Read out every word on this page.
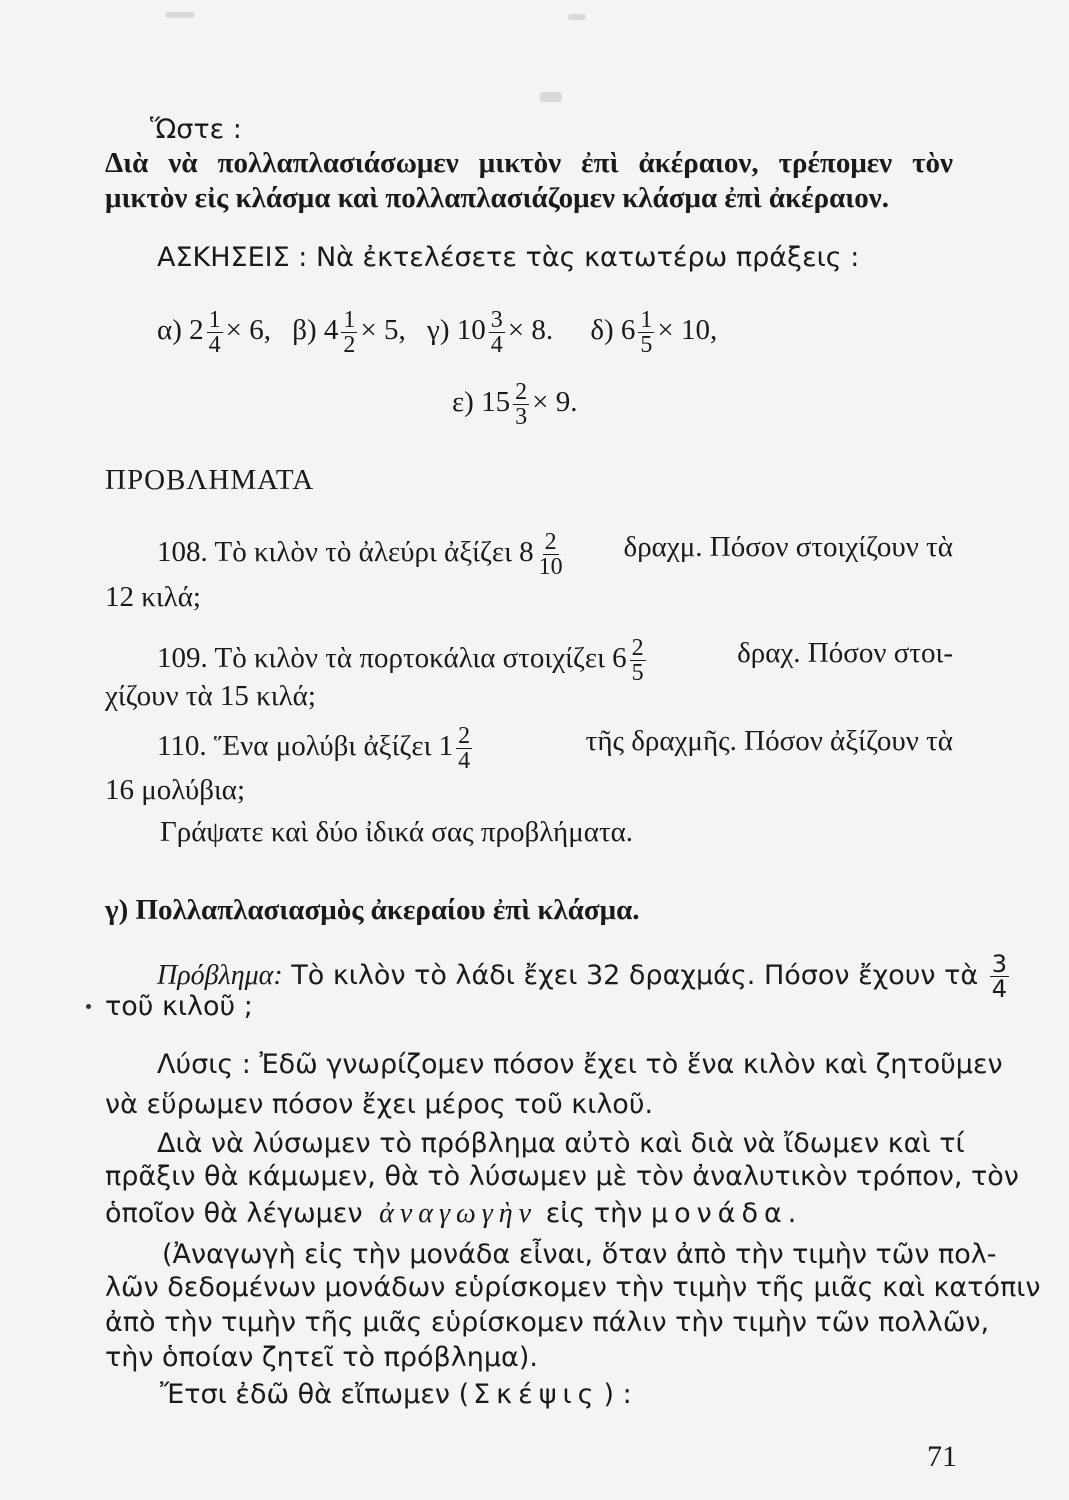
Ὥστε :
Διὰ νὰ πολλαπλασιάσωμεν μικτὸν ἐπὶ ἀκέραιον, τρέπομεν τὸν
μικτὸν εἰς κλάσμα καὶ πολλαπλασιάζομεν κλάσμα ἐπὶ ἀκέραιον.
ΑΣΚΗΣΕΙΣ : Νὰ ἐκτελέσετε τὰς κατωτέρω πράξεις :
α) $2 \frac{1}{4} \times 6$, β) $4 \frac{1}{2} \times 5$, γ) $10 \frac{3}{4} \times 8$. δ) $6 \frac{1}{5} \times 10$,
ε) $15 \frac{2}{3} \times 9$.
ΠΡΟΒΛΗΜΑΤΑ
108. Τὸ κιλὸν τὸ ἀλεύρι ἀξίζει $8 \frac{2}{10} \delta\rho\alpha\chi\mu$. Πόσον στοιχίζουν τὰ
12 κιλά;
109. Τὸ κιλὸν τὰ πορτοκάλια στοιχίζει $6 \frac{2}{5}$	δραχ. Πόσον στοι-
χίζουν τὰ 15 κιλά;
110. Ἕνα μολύβι ἀξίζει $1 \frac{2}{4}$	τῆς δραχμῆς. Πόσον ἀξίζουν τὰ
16 μολύβια;
Γράψατε καὶ δύο ἰδικά σας προβλήματα.
γ) Πολλαπλασιασμὸς ἀκεραίου ἐπὶ κλάσμα.
Πρόβλημα: Τὸ κιλὸν τὸ λάδι ἔχει 32 δραχμάς. Πόσον ἔχουν τὰ $\frac{3}{4}$
τοῦ κιλοῦ ;
Λύσις : Ἐδῶ γνωρίζομεν πόσον ἔχει τὸ ἕνα κιλὸν καὶ ζητοῦμεν
νὰ εὕρωμεν πόσον ἔχει μέρος τοῦ κιλοῦ.
Διὰ νὰ λύσωμεν τὸ πρόβλημα αὐτὸ καὶ διὰ νὰ ἴδωμεν καὶ τί
πρᾶξιν θὰ κάμωμεν, θὰ τὸ λύσωμεν μὲ τὸν ἀναλυτικὸν τρόπον, τὸν
ὁποῖον θὰ λέγωμεν ἀναγωγὴν εἰς τὴν μονάδα.
(Ἀναγωγὴ εἰς τὴν μονάδα εἶναι, ὅταν ἀπὸ τὴν τιμὴν τῶν πολ-
λῶν δεδομένων μονάδων εὑρίσκομεν τὴν τιμὴν τῆς μιᾶς καὶ κατόπιν
ἀπὸ τὴν τιμὴν τῆς μιᾶς εὑρίσκομεν πάλιν τὴν τιμὴν τῶν πολλῶν,
τὴν ὁποίαν ζητεῖ τὸ πρόβλημα).
Ἔτσι ἐδῶ θὰ εἴπωμεν ( Σκέψις ) :
71
